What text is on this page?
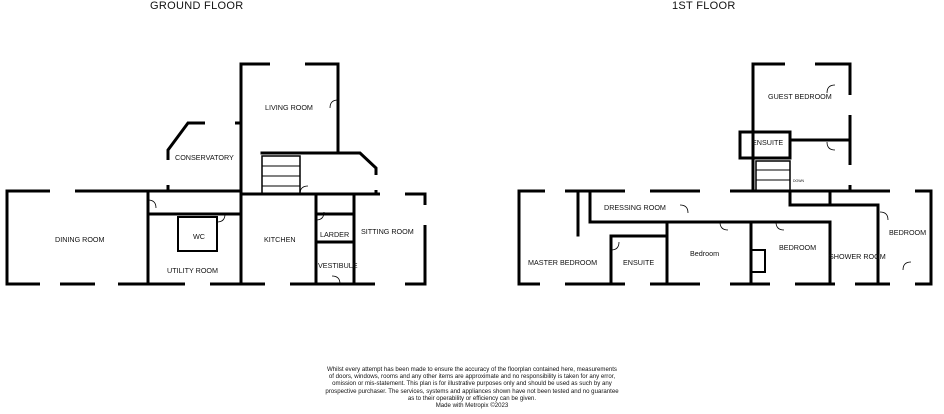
GROUND FLOOR	1ST FLOOR
DINING ROOM	WC
UTILITY ROOM
KITCHEN
LARDER
VESTIBULE
SITTING ROOM
CONSERVATORY
LIVING ROOM
MASTER BEDROOM
DRESSING ROOM
ENSUITE
Bedroom
BEDROOM
SHOWER ROOM
BEDROOM
GUEST BEDROOM
ENSUITE
DOWN
Whilst every attempt has been made to ensure the accuracy of the floorplan contained here, measurements
of doors, windows, rooms and any other items are approximate and no responsibility is taken for any error,
omission or mis-statement. This plan is for illustrative purposes only and should be used as such by any
prospective purchaser. The services, systems and appliances shown have not been tested and no guarantee
as to their operability or efficiency can be given.
Made with Metropix ©2023
